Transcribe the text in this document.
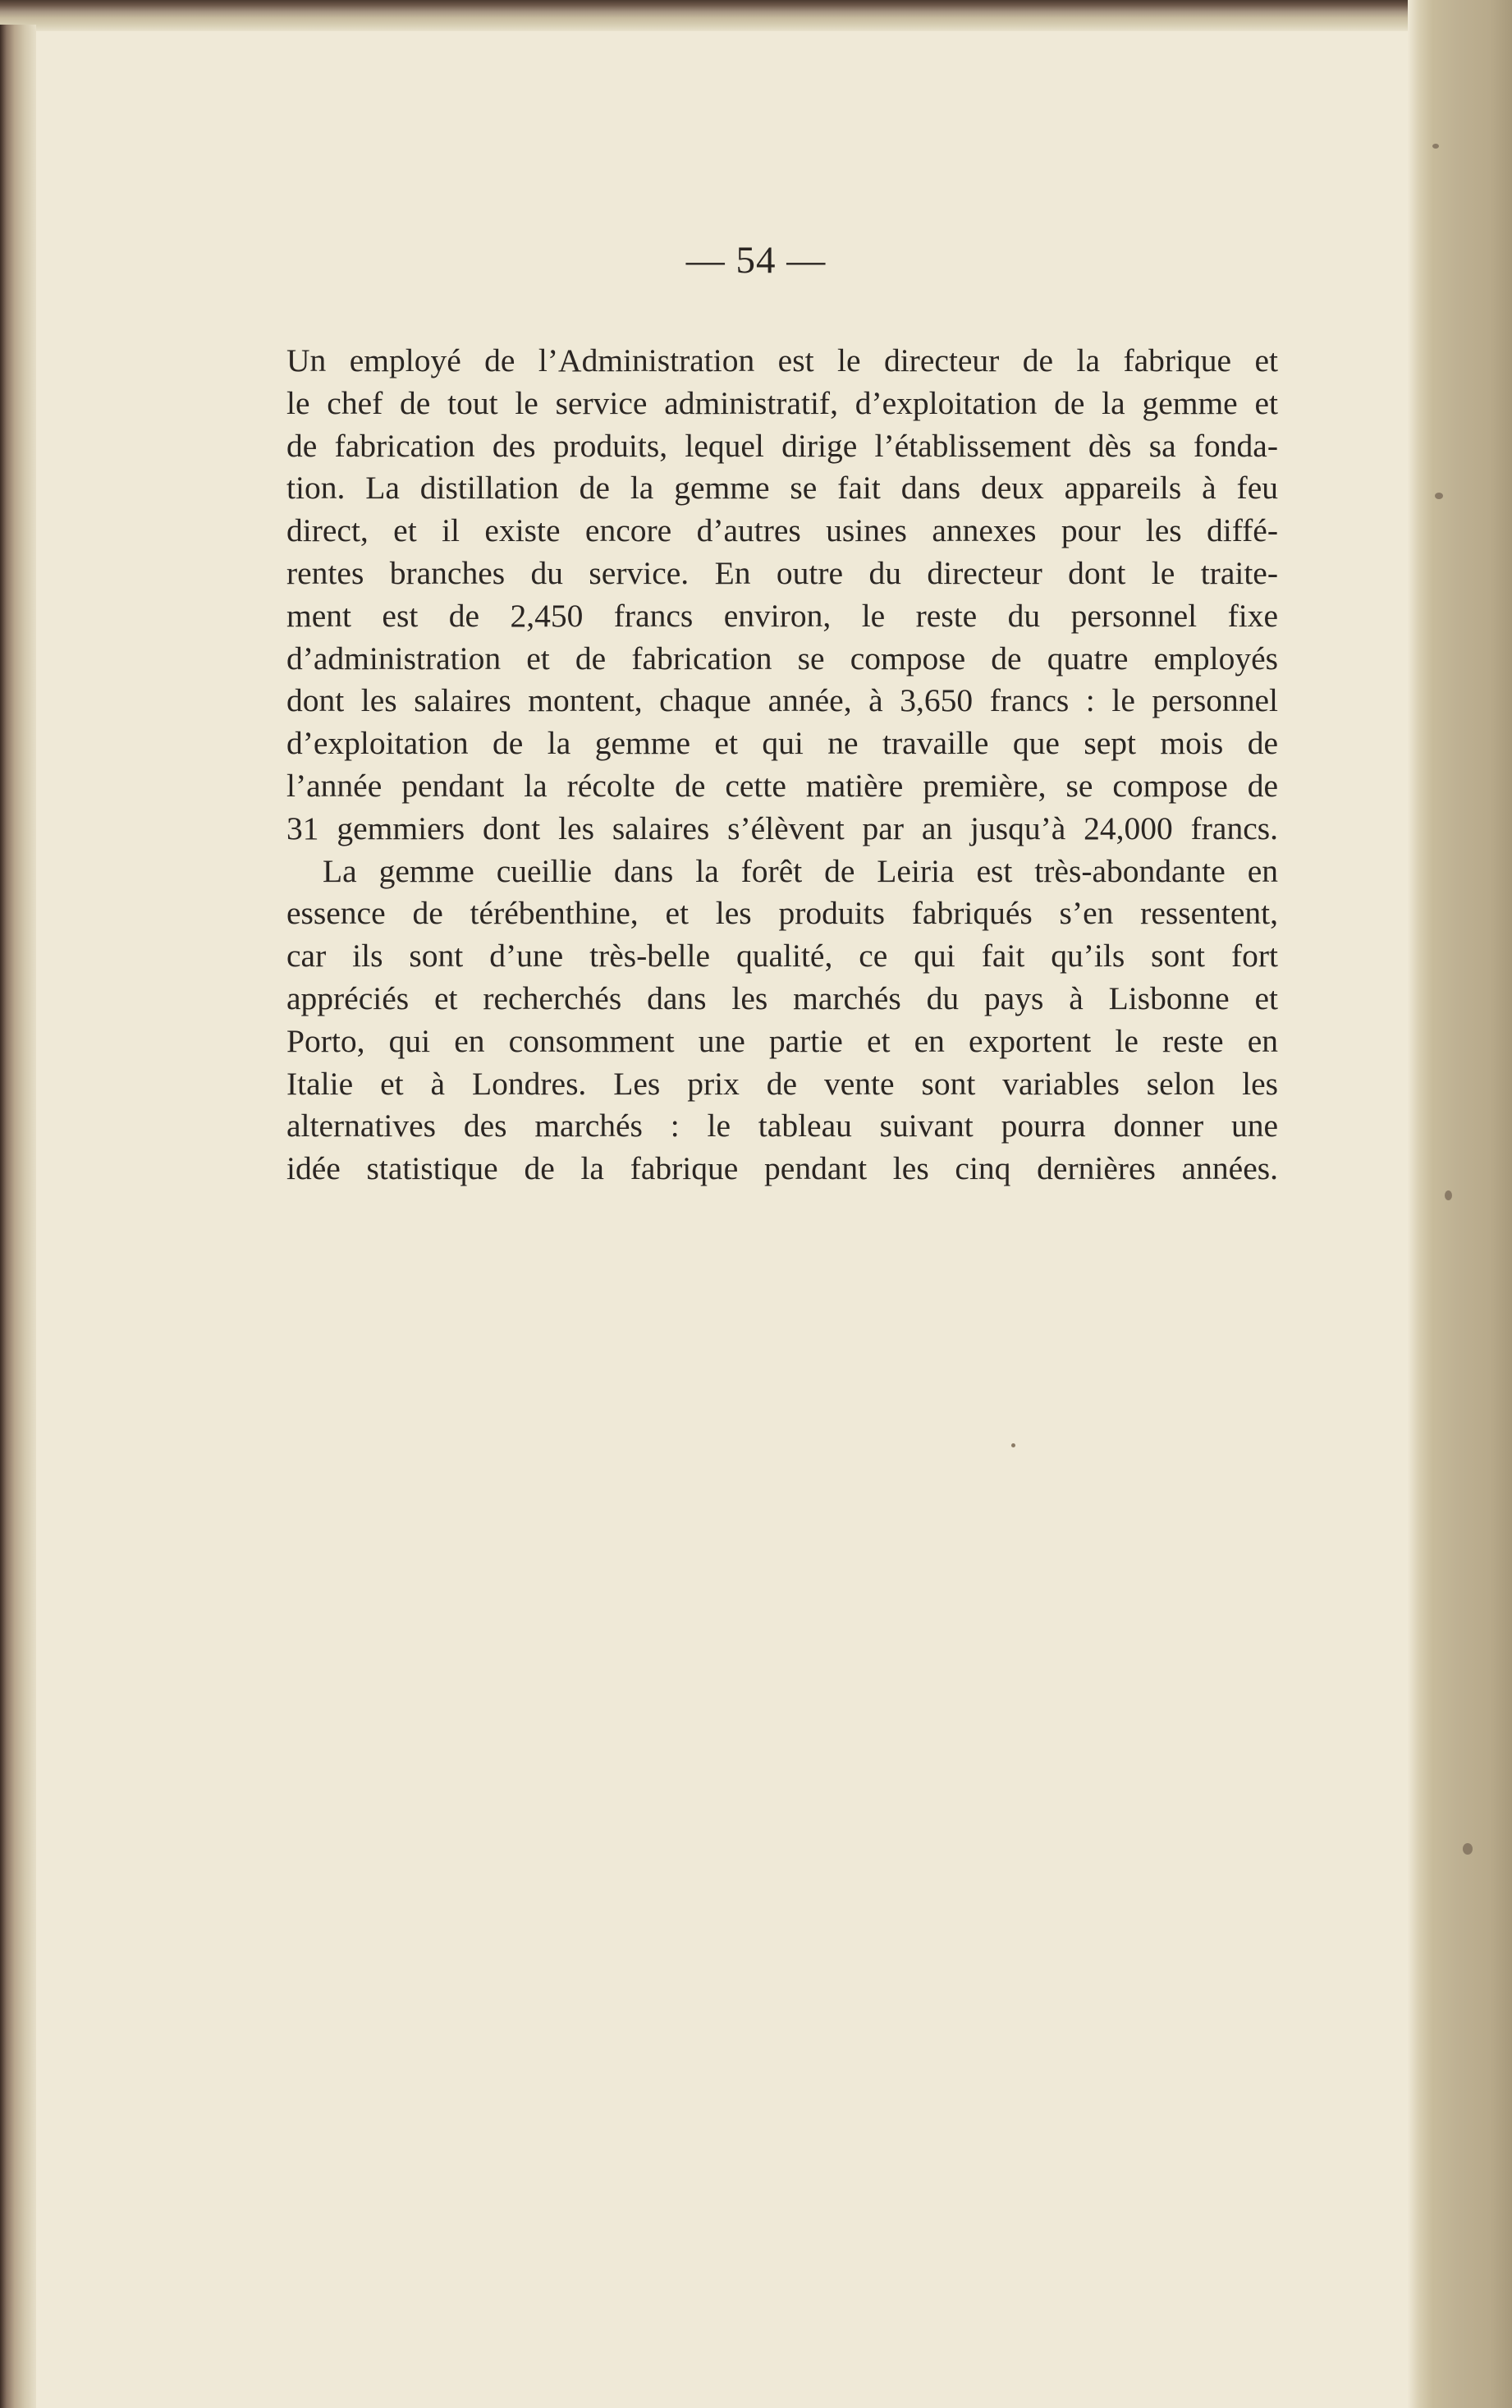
— 54 —
Un employé de l’Administration est le directeur de la fabrique et
le chef de tout le service administratif, d’exploitation de la gemme et
de fabrication des produits, lequel dirige l’établissement dès sa fonda-
tion. La distillation de la gemme se fait dans deux appareils à feu
direct, et il existe encore d’autres usines annexes pour les diffé-
rentes branches du service. En outre du directeur dont le traite-
ment est de 2,450 francs environ, le reste du personnel fixe
d’administration et de fabrication se compose de quatre employés
dont les salaires montent, chaque année, à 3,650 francs : le personnel
d’exploitation de la gemme et qui ne travaille que sept mois de
l’année pendant la récolte de cette matière première, se compose de
31 gemmiers dont les salaires s’élèvent par an jusqu’à 24,000 francs.
La gemme cueillie dans la forêt de Leiria est très-abondante en
essence de térébenthine, et les produits fabriqués s’en ressentent,
car ils sont d’une très-belle qualité, ce qui fait qu’ils sont fort
appréciés et recherchés dans les marchés du pays à Lisbonne et
Porto, qui en consomment une partie et en exportent le reste en
Italie et à Londres. Les prix de vente sont variables selon les
alternatives des marchés : le tableau suivant pourra donner une
idée statistique de la fabrique pendant les cinq dernières années.
